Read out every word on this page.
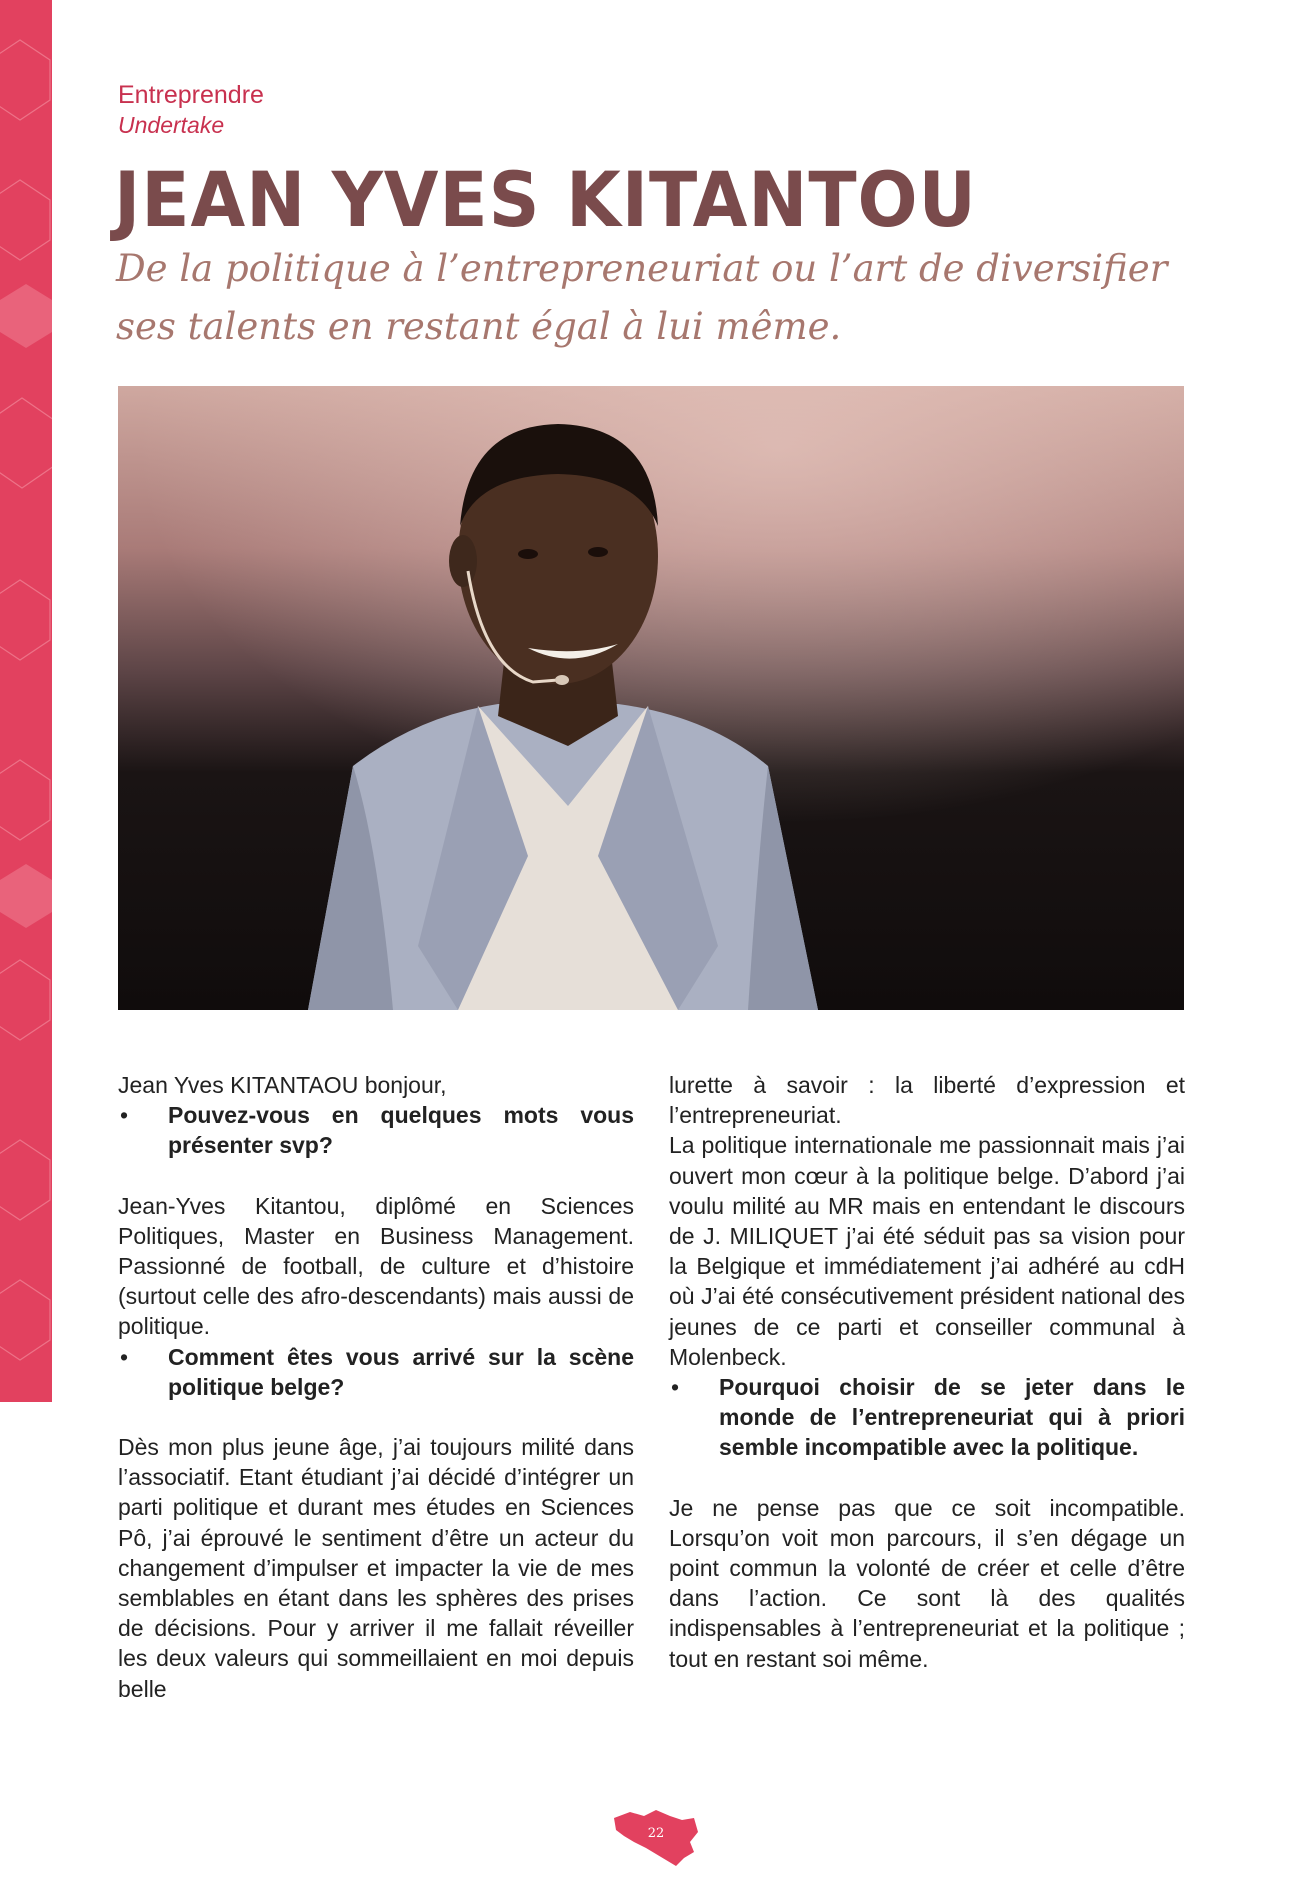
Entreprendre
Undertake
JEAN YVES KITANTOU

De la politique à l’entrepreneuriat ou l’art de diversifier ses talents en restant égal à lui même.

Jean Yves KITANTAOU bonjour,

• Pouvez-vous en quelques mots vous présenter svp?

Jean-Yves Kitantou, diplômé en Sciences Politiques, Master en Business Management. Passionné de football, de culture et d’histoire (surtout celle des afro-descendants) mais aussi de politique.

• Comment êtes vous arrivé sur la scène politique belge?

Dès mon plus jeune âge, j’ai toujours milité dans l’associatif. Etant étudiant j’ai décidé d’intégrer un parti politique et durant mes études en Sciences Pô, j’ai éprouvé le sentiment d’être un acteur du changement d’impulser et impacter la vie de mes semblables en étant dans les sphères des prises de décisions. Pour y arriver il me fallait réveiller les deux valeurs qui sommeillaient en moi depuis belle

lurette à savoir : la liberté d’expression et l’entrepreneuriat.

La politique internationale me passionnait mais j’ai ouvert mon cœur à la politique belge. D’abord j’ai voulu milité au MR mais en entendant le discours de J. MILIQUET j’ai été séduit pas sa vision pour la Belgique et immédiatement j’ai adhéré au cdH où J’ai été consécutivement président national des jeunes de ce parti et conseiller communal à Molenbeck.

• Pourquoi choisir de se jeter dans le monde de l’entrepreneuriat qui à priori semble incompatible avec la politique.

Je ne pense pas que ce soit incompatible. Lorsqu’on voit mon parcours, il s’en dégage un point commun la volonté de créer et celle d’être dans l’action. Ce sont là des qualités indispensables à l’entrepreneuriat et la politique ; tout en restant soi même.

22
